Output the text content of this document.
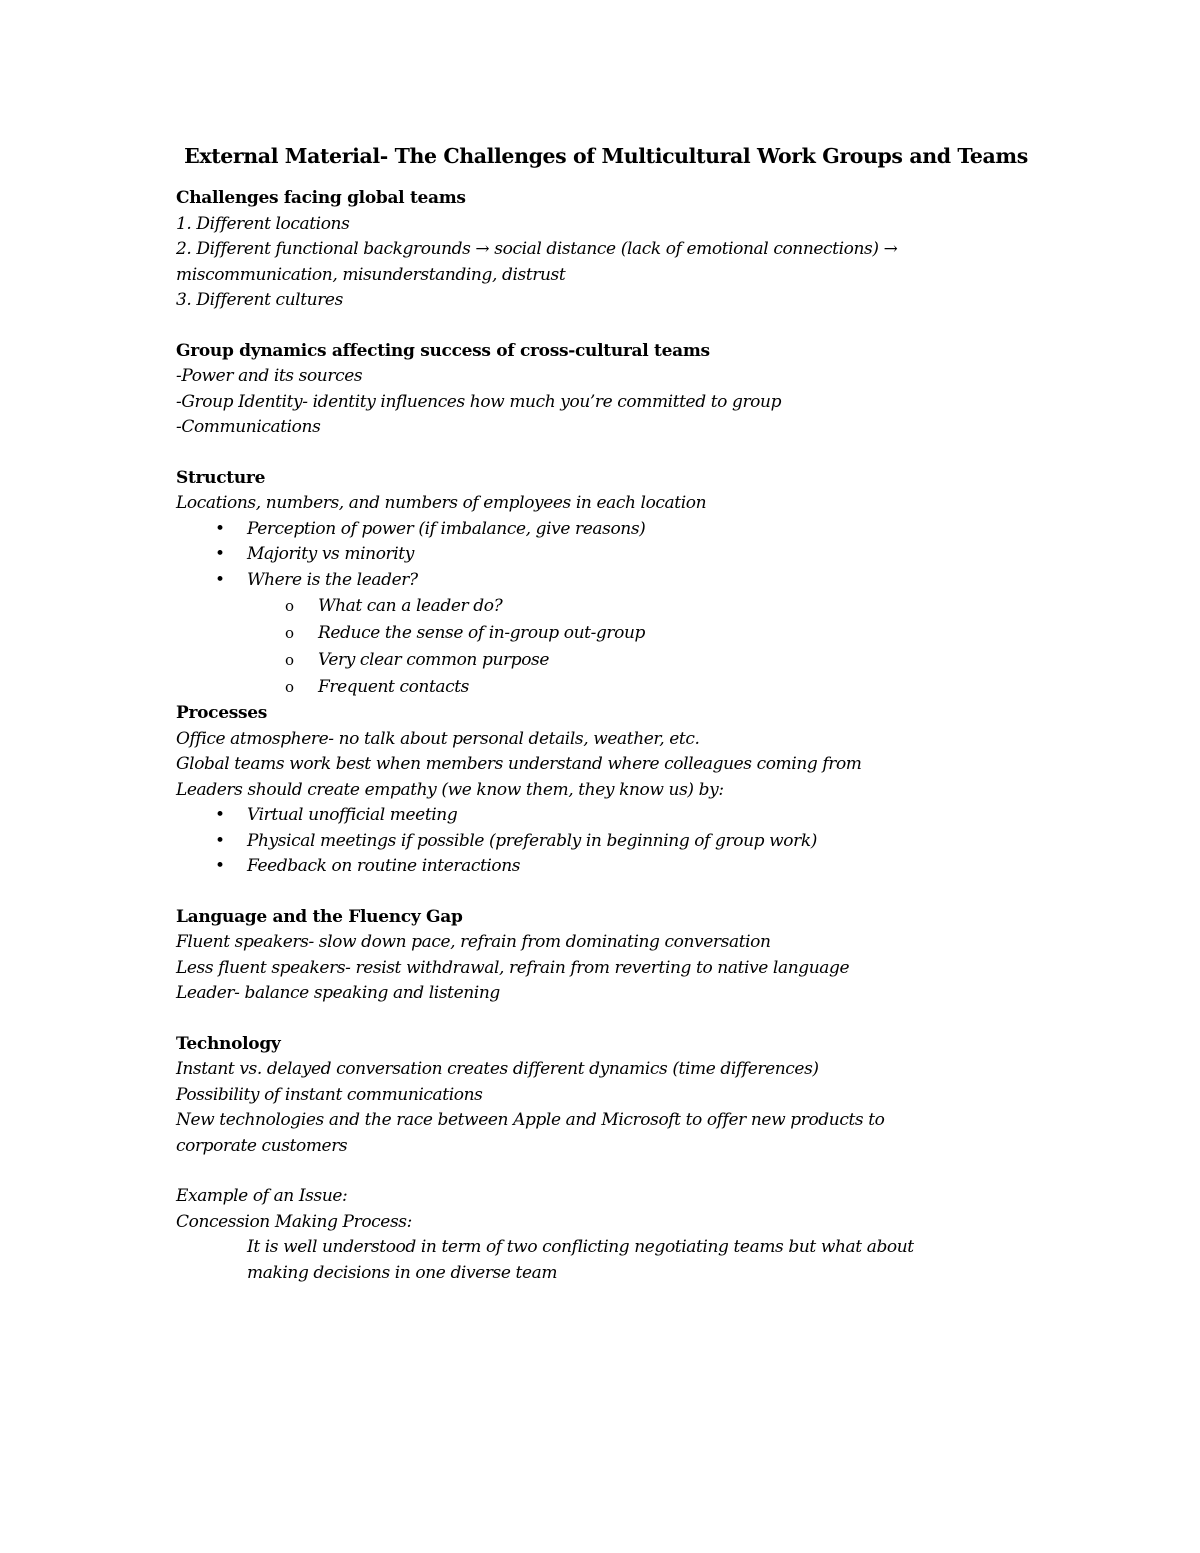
External Material- The Challenges of Multicultural Work Groups and Teams
Challenges facing global teams
1. Different locations
2. Different functional backgrounds → social distance (lack of emotional connections) →
miscommunication, misunderstanding, distrust
3. Different cultures
Group dynamics affecting success of cross-cultural teams
-Power and its sources
-Group Identity- identity influences how much you’re committed to group
-Communications
Structure
Locations, numbers, and numbers of employees in each location
• Perception of power (if imbalance, give reasons)
• Majority vs minority
• Where is the leader?
o What can a leader do?
o Reduce the sense of in-group out-group
o Very clear common purpose
o Frequent contacts
Processes
Office atmosphere- no talk about personal details, weather, etc.
Global teams work best when members understand where colleagues coming from
Leaders should create empathy (we know them, they know us) by:
• Virtual unofficial meeting
• Physical meetings if possible (preferably in beginning of group work)
• Feedback on routine interactions
Language and the Fluency Gap
Fluent speakers- slow down pace, refrain from dominating conversation
Less fluent speakers- resist withdrawal, refrain from reverting to native language
Leader- balance speaking and listening
Technology
Instant vs. delayed conversation creates different dynamics (time differences)
Possibility of instant communications
New technologies and the race between Apple and Microsoft to offer new products to
corporate customers
Example of an Issue:
Concession Making Process:
It is well understood in term of two conflicting negotiating teams but what about
making decisions in one diverse team
